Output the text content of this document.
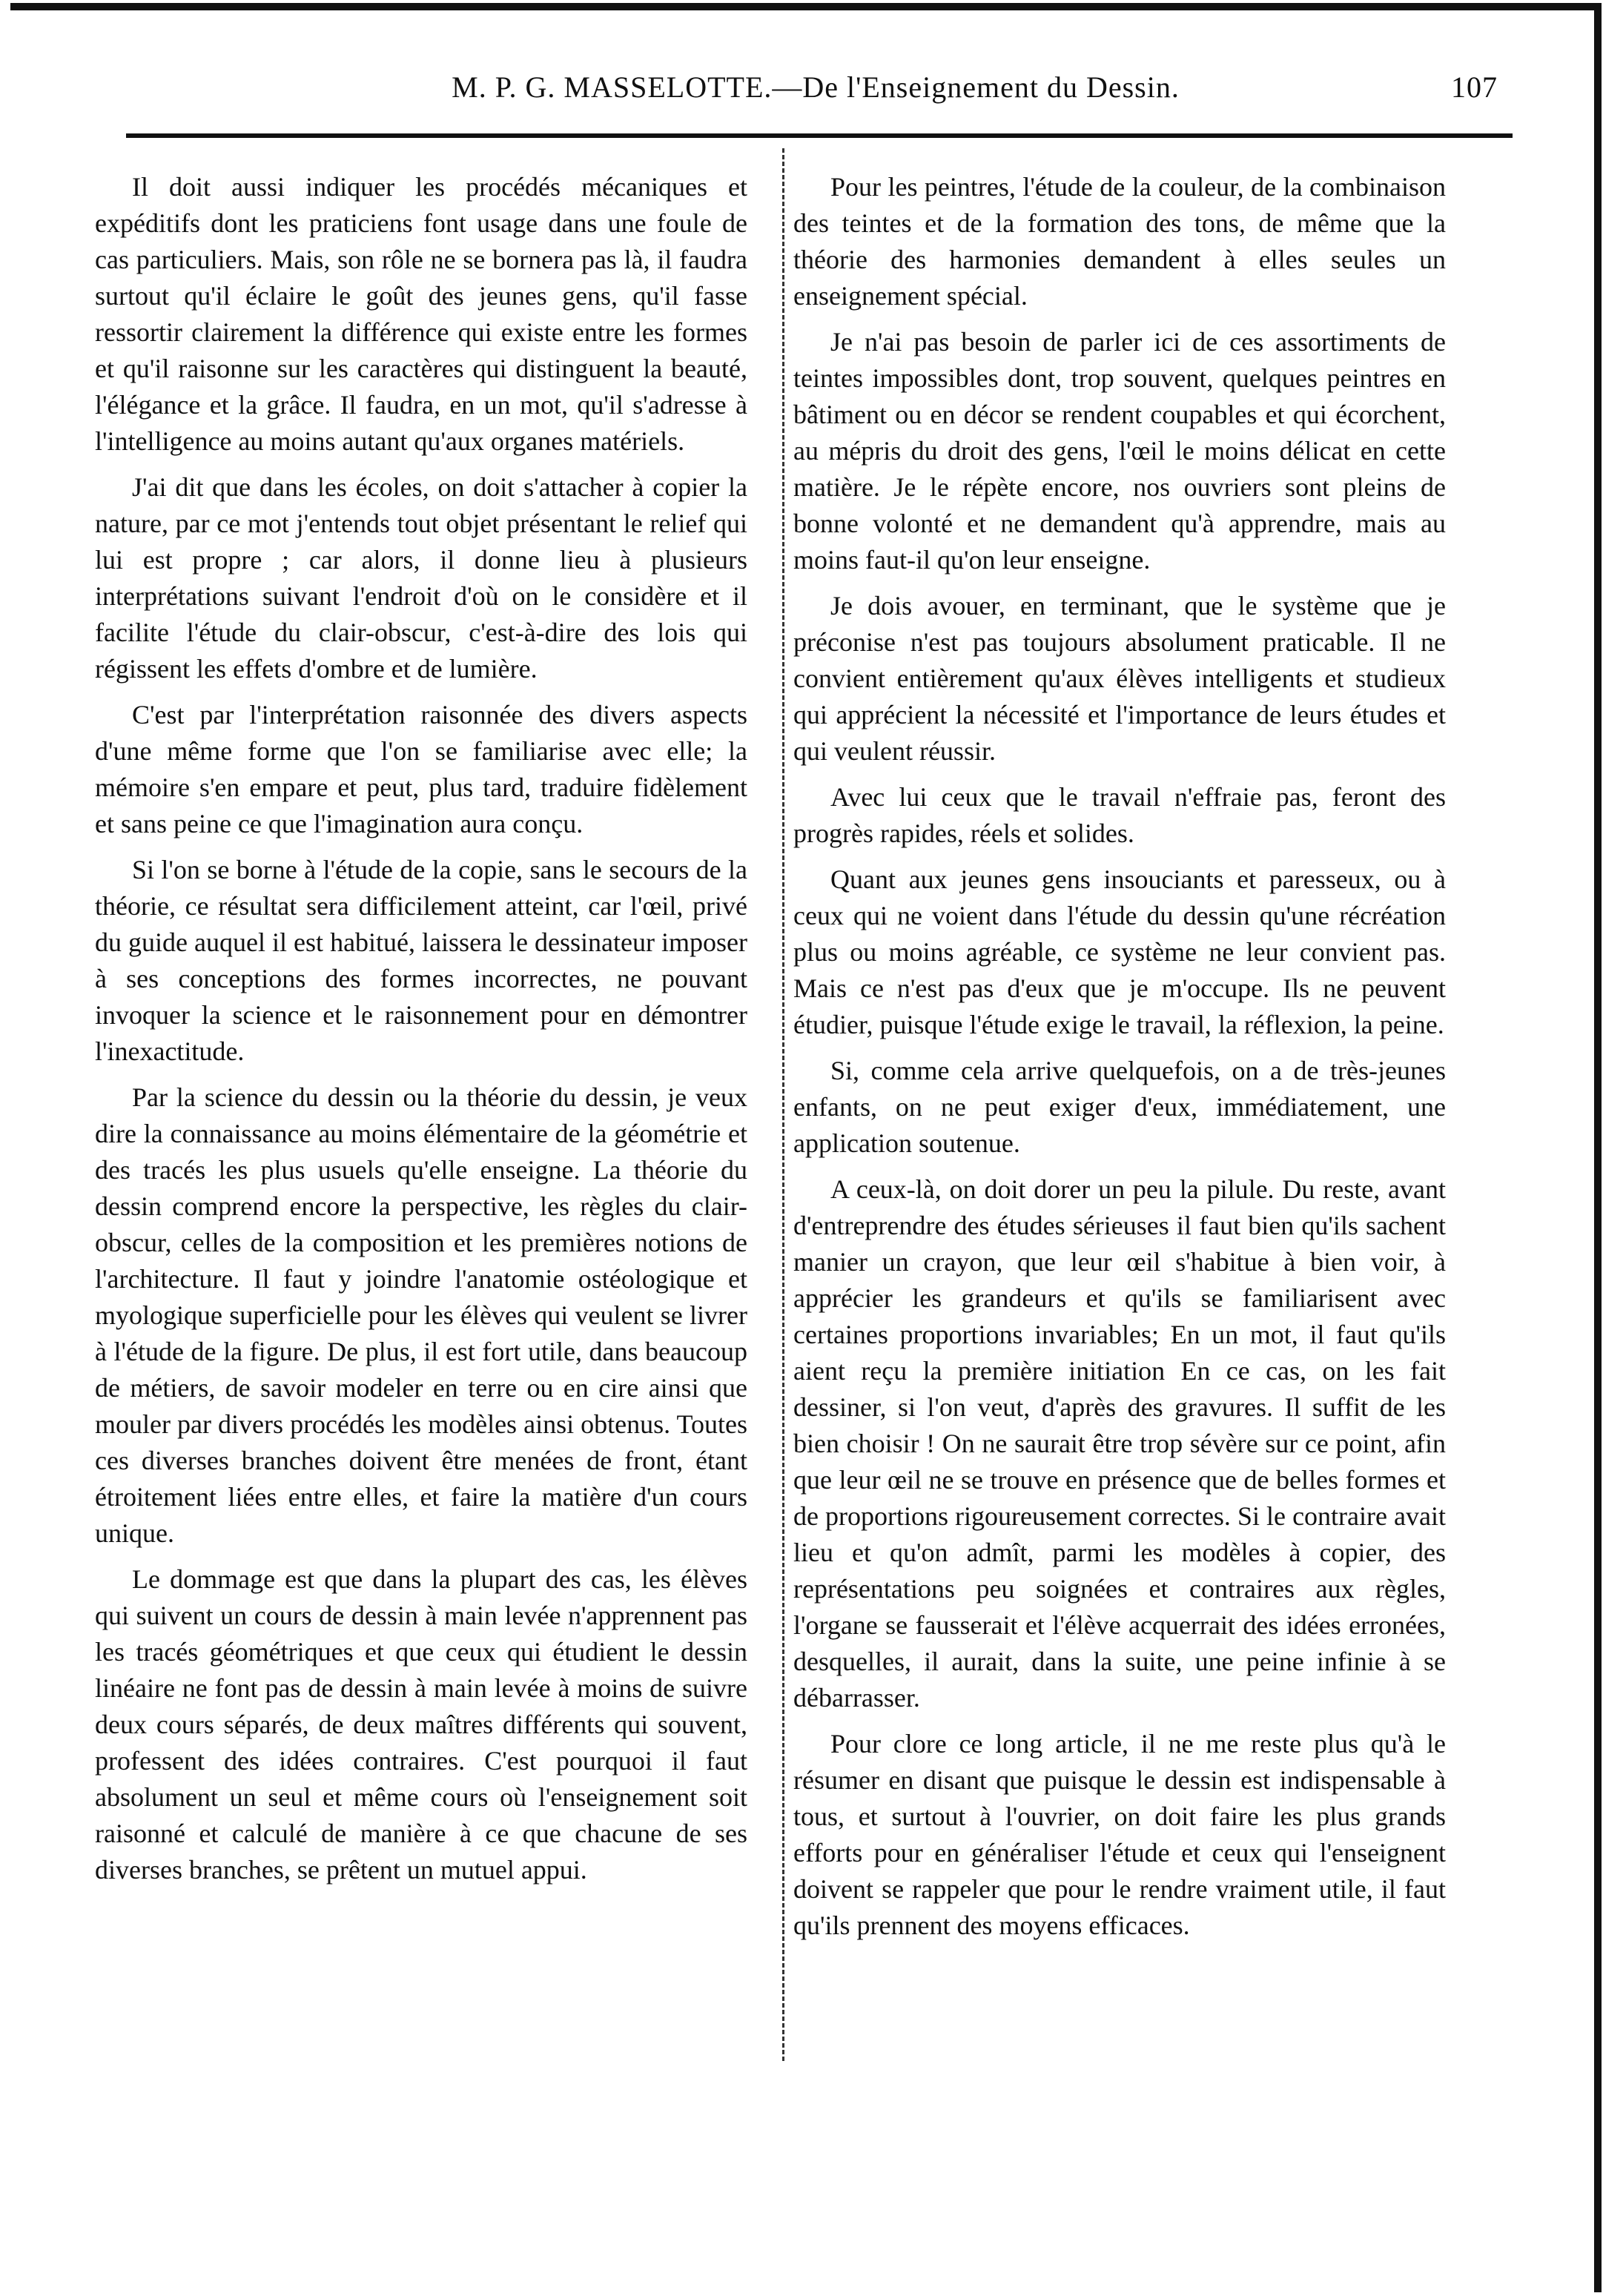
M. P. G. MASSELOTTE.—De l'Enseignement du Dessin.	107

Il doit aussi indiquer les procédés mécaniques et expéditifs dont les praticiens font usage dans une foule de cas particuliers. Mais, son rôle ne se bornera pas là, il faudra surtout qu'il éclaire le goût des jeunes gens, qu'il fasse ressortir clairement la différence qui existe entre les formes et qu'il raisonne sur les caractères qui distinguent la beauté, l'élégance et la grâce. Il faudra, en un mot, qu'il s'adresse à l'intelligence au moins autant qu'aux organes matériels.

J'ai dit que dans les écoles, on doit s'attacher à copier la nature, par ce mot j'entends tout objet présentant le relief qui lui est propre ; car alors, il donne lieu à plusieurs interprétations suivant l'endroit d'où on le considère et il facilite l'étude du clair-obscur, c'est-à-dire des lois qui régissent les effets d'ombre et de lumière.

C'est par l'interprétation raisonnée des divers aspects d'une même forme que l'on se familiarise avec elle; la mémoire s'en empare et peut, plus tard, traduire fidèlement et sans peine ce que l'imagination aura conçu.

Si l'on se borne à l'étude de la copie, sans le secours de la théorie, ce résultat sera difficilement atteint, car l'œil, privé du guide auquel il est habitué, laissera le dessinateur imposer à ses conceptions des formes incorrectes, ne pouvant invoquer la science et le raisonnement pour en démontrer l'inexactitude.

Par la science du dessin ou la théorie du dessin, je veux dire la connaissance au moins élémentaire de la géométrie et des tracés les plus usuels qu'elle enseigne. La théorie du dessin comprend encore la perspective, les règles du clair-obscur, celles de la composition et les premières notions de l'architecture. Il faut y joindre l'anatomie ostéologique et myologique superficielle pour les élèves qui veulent se livrer à l'étude de la figure. De plus, il est fort utile, dans beaucoup de métiers, de savoir modeler en terre ou en cire ainsi que mouler par divers procédés les modèles ainsi obtenus. Toutes ces diverses branches doivent être menées de front, étant étroitement liées entre elles, et faire la matière d'un cours unique.

Le dommage est que dans la plupart des cas, les élèves qui suivent un cours de dessin à main levée n'apprennent pas les tracés géométriques et que ceux qui étudient le dessin linéaire ne font pas de dessin à main levée à moins de suivre deux cours séparés, de deux maîtres différents qui souvent, professent des idées contraires. C'est pourquoi il faut absolument un seul et même cours où l'enseignement soit raisonné et calculé de manière à ce que chacune de ses diverses branches, se prêtent un mutuel appui.

Pour les peintres, l'étude de la couleur, de la combinaison des teintes et de la formation des tons, de même que la théorie des harmonies demandent à elles seules un enseignement spécial.

Je n'ai pas besoin de parler ici de ces assortiments de teintes impossibles dont, trop souvent, quelques peintres en bâtiment ou en décor se rendent coupables et qui écorchent, au mépris du droit des gens, l'œil le moins délicat en cette matière. Je le répète encore, nos ouvriers sont pleins de bonne volonté et ne demandent qu'à apprendre, mais au moins faut-il qu'on leur enseigne.

Je dois avouer, en terminant, que le système que je préconise n'est pas toujours absolument praticable. Il ne convient entièrement qu'aux élèves intelligents et studieux qui apprécient la nécessité et l'importance de leurs études et qui veulent réussir.

Avec lui ceux que le travail n'effraie pas, feront des progrès rapides, réels et solides.

Quant aux jeunes gens insouciants et paresseux, ou à ceux qui ne voient dans l'étude du dessin qu'une récréation plus ou moins agréable, ce système ne leur convient pas. Mais ce n'est pas d'eux que je m'occupe. Ils ne peuvent étudier, puisque l'étude exige le travail, la réflexion, la peine.

Si, comme cela arrive quelquefois, on a de très-jeunes enfants, on ne peut exiger d'eux, immédiatement, une application soutenue.

A ceux-là, on doit dorer un peu la pilule. Du reste, avant d'entreprendre des études sérieuses il faut bien qu'ils sachent manier un crayon, que leur œil s'habitue à bien voir, à apprécier les grandeurs et qu'ils se familiarisent avec certaines proportions invariables; En un mot, il faut qu'ils aient reçu la première initiation En ce cas, on les fait dessiner, si l'on veut, d'après des gravures. Il suffit de les bien choisir ! On ne saurait être trop sévère sur ce point, afin que leur œil ne se trouve en présence que de belles formes et de proportions rigoureusement correctes. Si le contraire avait lieu et qu'on admît, parmi les modèles à copier, des représentations peu soignées et contraires aux règles, l'organe se fausserait et l'élève acquerrait des idées erronées, desquelles, il aurait, dans la suite, une peine infinie à se débarrasser.

Pour clore ce long article, il ne me reste plus qu'à le résumer en disant que puisque le dessin est indispensable à tous, et surtout à l'ouvrier, on doit faire les plus grands efforts pour en généraliser l'étude et ceux qui l'enseignent doivent se rappeler que pour le rendre vraiment utile, il faut qu'ils prennent des moyens efficaces.
